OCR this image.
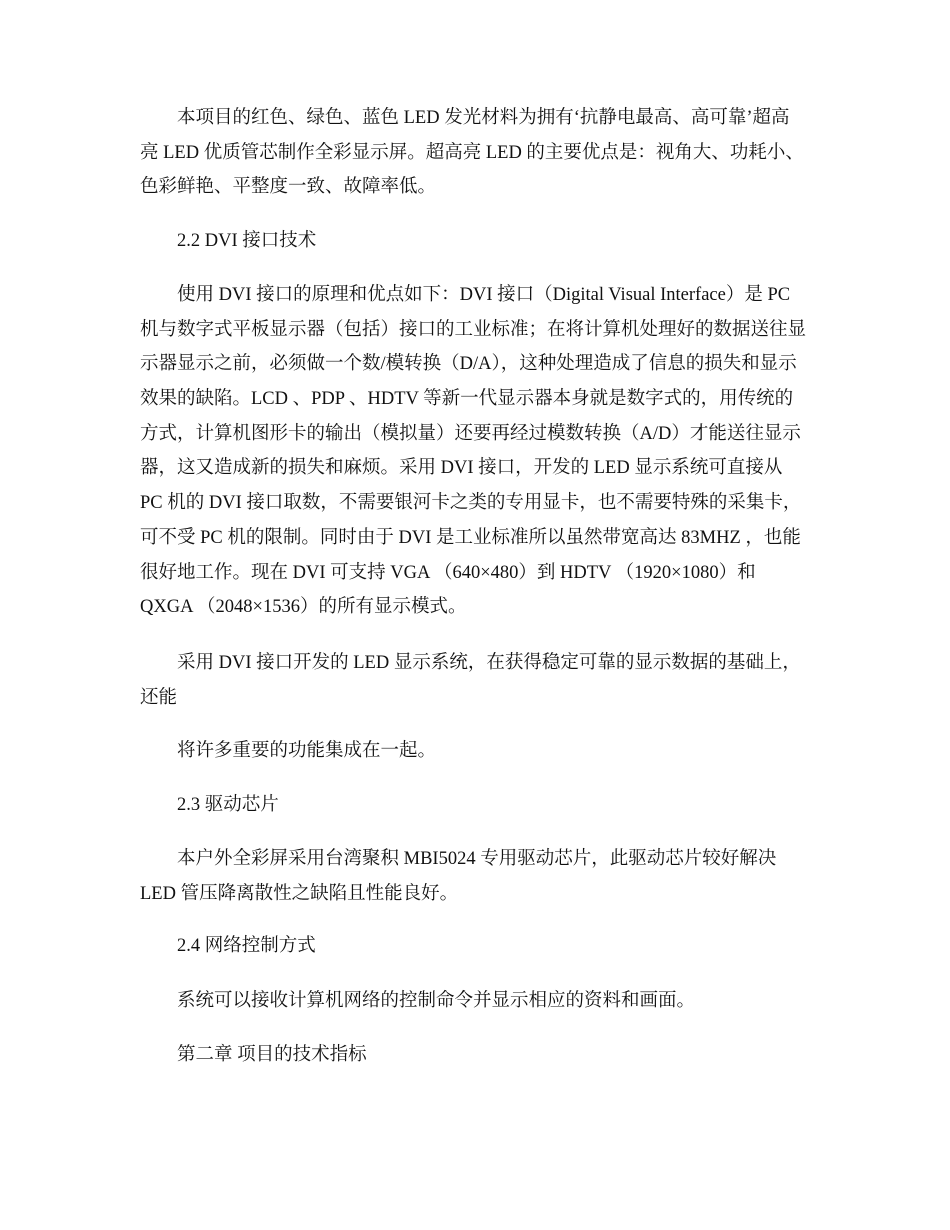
本项目的红色、绿色、蓝色 LED 发光材料为拥有‘抗静电最高、高可靠’超高
亮 LED 优质管芯制作全彩显示屏。超高亮 LED 的主要优点是：视角大、功耗小、
色彩鲜艳、平整度一致、故障率低。
2.2 DVI 接口技术
使用 DVI 接口的原理和优点如下：DVI 接口（Digital Visual Interface）是 PC
机与数字式平板显示器（包括）接口的工业标准；在将计算机处理好的数据送往显
示器显示之前，必须做一个数/模转换（D/A），这种处理造成了信息的损失和显示
效果的缺陷。LCD 、PDP 、HDTV 等新一代显示器本身就是数字式的，用传统的
方式，计算机图形卡的输出（模拟量）还要再经过模数转换（A/D）才能送往显示
器，这又造成新的损失和麻烦。采用 DVI 接口，开发的 LED 显示系统可直接从
PC 机的 DVI 接口取数，不需要银河卡之类的专用显卡，也不需要特殊的采集卡，
可不受 PC 机的限制。同时由于 DVI 是工业标准所以虽然带宽高达 83MHZ ，也能
很好地工作。现在 DVI 可支持 VGA （640×480）到 HDTV （1920×1080）和
QXGA （2048×1536）的所有显示模式。
采用 DVI 接口开发的 LED 显示系统，在获得稳定可靠的显示数据的基础上，
还能
将许多重要的功能集成在一起。
2.3 驱动芯片
本户外全彩屏采用台湾聚积 MBI5024 专用驱动芯片，此驱动芯片较好解决
LED 管压降离散性之缺陷且性能良好。
2.4 网络控制方式
系统可以接收计算机网络的控制命令并显示相应的资料和画面。
第二章 项目的技术指标
